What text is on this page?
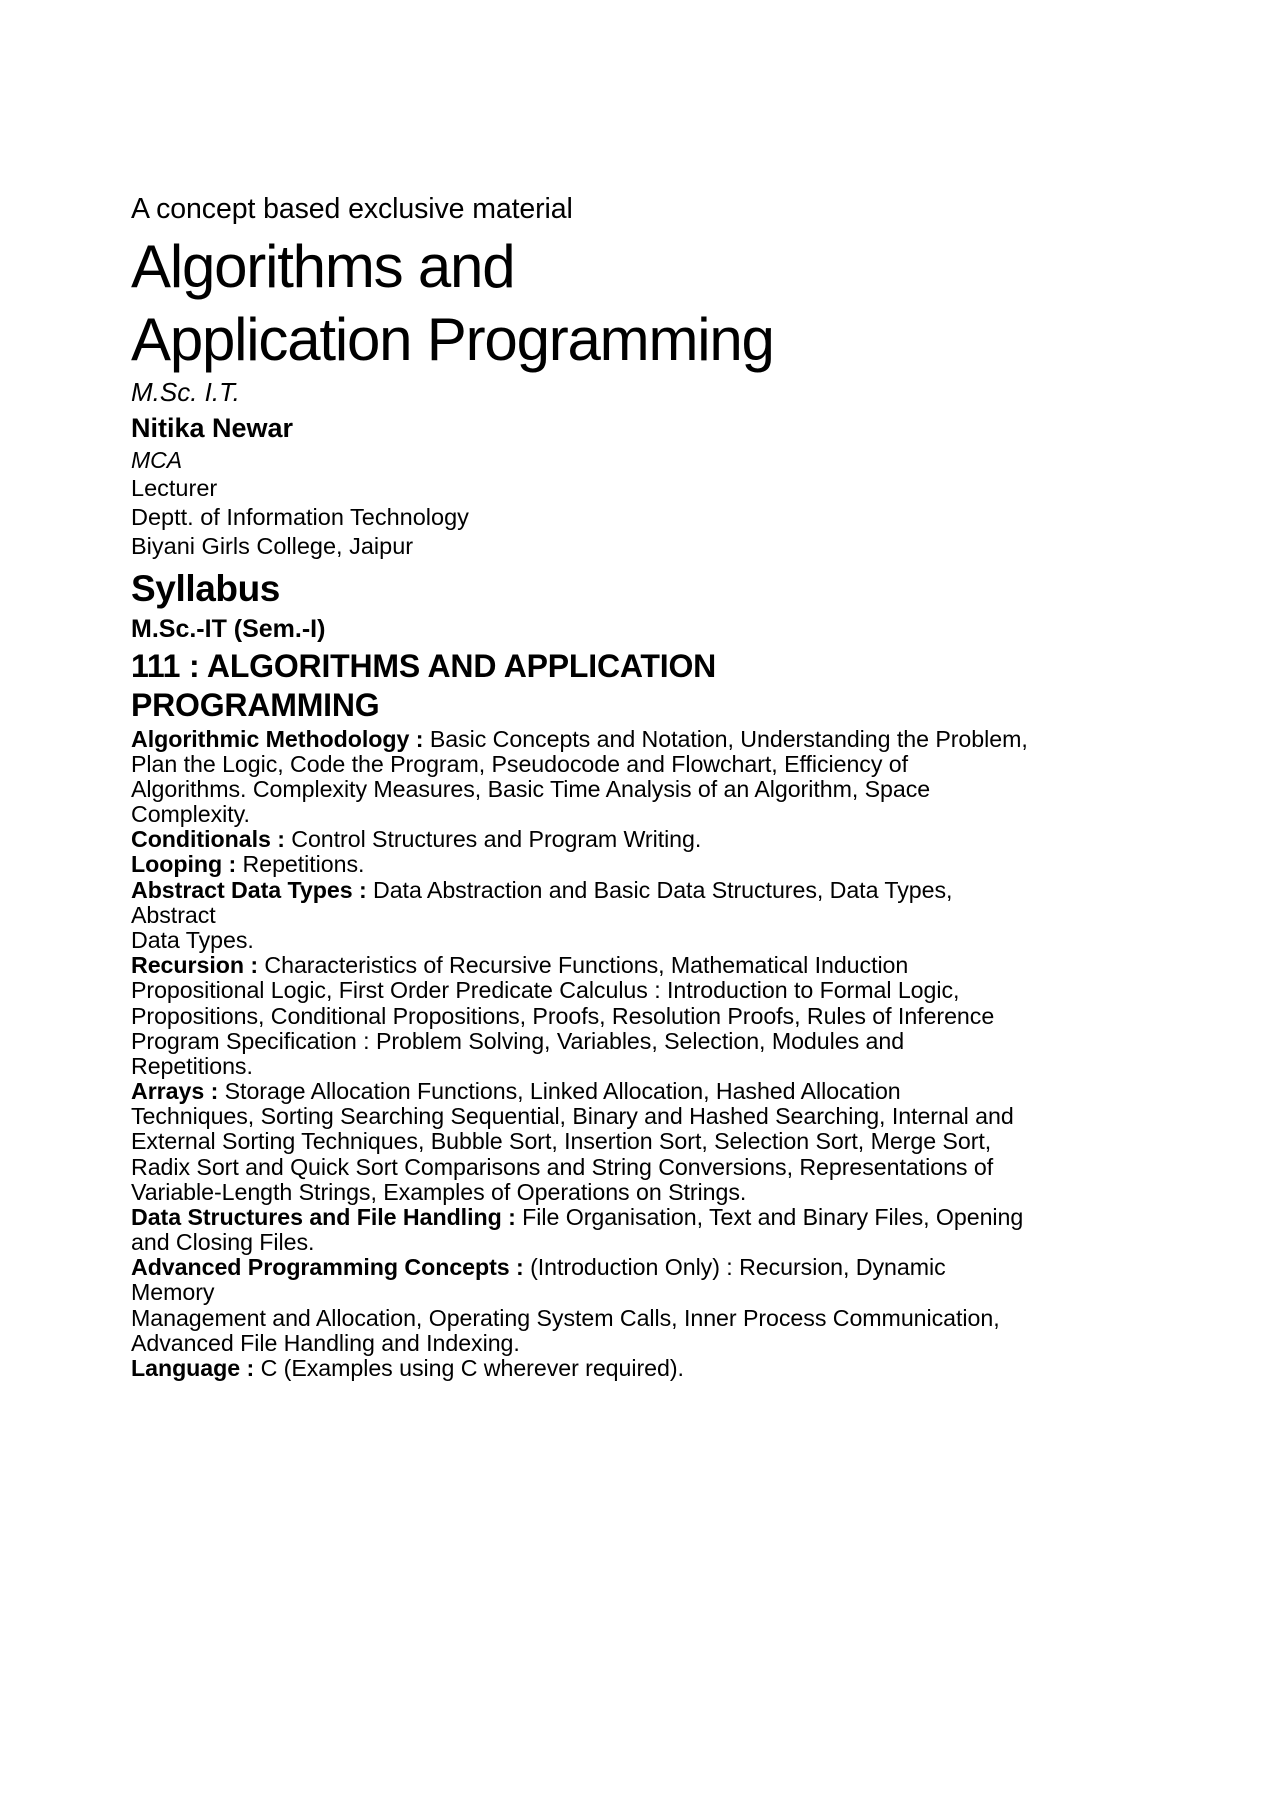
A concept based exclusive material

Algorithms and
Application Programming

M.Sc. I.T.

Nitika Newar

MCA

Lecturer

Deptt. of Information Technology

Biyani Girls College, Jaipur

Syllabus

M.Sc.-IT (Sem.-I)

111 : ALGORITHMS AND APPLICATION
PROGRAMMING

Algorithmic Methodology : Basic Concepts and Notation, Understanding the Problem,
Plan the Logic, Code the Program, Pseudocode and Flowchart, Efficiency of
Algorithms. Complexity Measures, Basic Time Analysis of an Algorithm, Space
Complexity.

Conditionals : Control Structures and Program Writing.

Looping : Repetitions.

Abstract Data Types : Data Abstraction and Basic Data Structures, Data Types,
Abstract
Data Types.

Recursion : Characteristics of Recursive Functions, Mathematical Induction
Propositional Logic, First Order Predicate Calculus : Introduction to Formal Logic,
Propositions, Conditional Propositions, Proofs, Resolution Proofs, Rules of Inference
Program Specification : Problem Solving, Variables, Selection, Modules and
Repetitions.

Arrays : Storage Allocation Functions, Linked Allocation, Hashed Allocation
Techniques, Sorting Searching Sequential, Binary and Hashed Searching, Internal and
External Sorting Techniques, Bubble Sort, Insertion Sort, Selection Sort, Merge Sort,
Radix Sort and Quick Sort Comparisons and String Conversions, Representations of
Variable-Length Strings, Examples of Operations on Strings.

Data Structures and File Handling : File Organisation, Text and Binary Files, Opening
and Closing Files.

Advanced Programming Concepts : (Introduction Only) : Recursion, Dynamic
Memory
Management and Allocation, Operating System Calls, Inner Process Communication,
Advanced File Handling and Indexing.

Language : C (Examples using C wherever required).
